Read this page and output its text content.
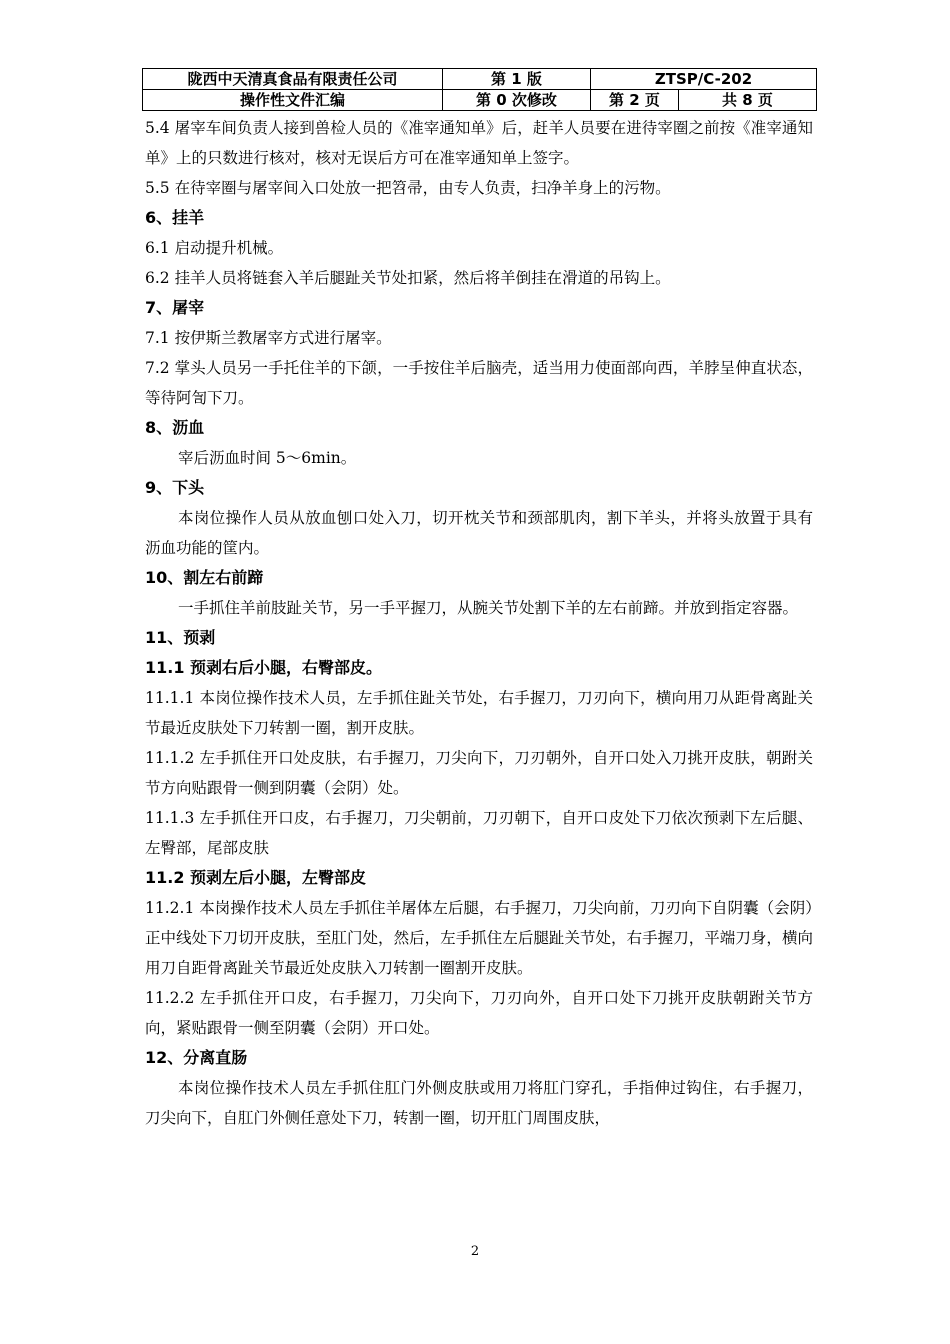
陇西中天清真食品有限责任公司	第 1 版	ZTSP/C-202	
操作性文件汇编	第 0 次修改	第 2 页	共 8 页

5.4 屠宰车间负责人接到兽检人员的《准宰通知单》后，赶羊人员要在进待宰圈之前按《准宰通知单》上的只数进行核对，核对无误后方可在准宰通知单上签字。

5.5 在待宰圈与屠宰间入口处放一把笤帚，由专人负责，扫净羊身上的污物。

6、挂羊

6.1 启动提升机械。

6.2 挂羊人员将链套入羊后腿趾关节处扣紧，然后将羊倒挂在滑道的吊钩上。

7、屠宰

7.1 按伊斯兰教屠宰方式进行屠宰。

7.2 掌头人员另一手托住羊的下颌，一手按住羊后脑壳，适当用力使面部向西，羊脖呈伸直状态，等待阿訇下刀。

8、沥血

宰后沥血时间 5～6min。

9、下头

本岗位操作人员从放血刨口处入刀，切开枕关节和颈部肌肉，割下羊头，并将头放置于具有沥血功能的筐内。

10、割左右前蹄

一手抓住羊前肢趾关节，另一手平握刀，从腕关节处割下羊的左右前蹄。并放到指定容器。

11、预剥

11.1 预剥右后小腿，右臀部皮。

11.1.1 本岗位操作技术人员，左手抓住趾关节处，右手握刀，刀刃向下，横向用刀从距骨离趾关节最近皮肤处下刀转割一圈，割开皮肤。

11.1.2 左手抓住开口处皮肤，右手握刀，刀尖向下，刀刃朝外，自开口处入刀挑开皮肤，朝跗关节方向贴跟骨一侧到阴囊（会阴）处。

11.1.3 左手抓住开口皮，右手握刀，刀尖朝前，刀刃朝下，自开口皮处下刀依次预剥下左后腿、左臀部，尾部皮肤

11.2 预剥左后小腿，左臀部皮

11.2.1 本岗操作技术人员左手抓住羊屠体左后腿，右手握刀，刀尖向前，刀刃向下自阴囊（会阴）正中线处下刀切开皮肤，至肛门处，然后，左手抓住左后腿趾关节处，右手握刀，平端刀身，横向用刀自距骨离趾关节最近处皮肤入刀转割一圈割开皮肤。

11.2.2 左手抓住开口皮，右手握刀，刀尖向下，刀刃向外，自开口处下刀挑开皮肤朝跗关节方向，紧贴跟骨一侧至阴囊（会阴）开口处。

12、分离直肠

本岗位操作技术人员左手抓住肛门外侧皮肤或用刀将肛门穿孔，手指伸过钩住，右手握刀，刀尖向下，自肛门外侧任意处下刀，转割一圈，切开肛门周围皮肤，

2
